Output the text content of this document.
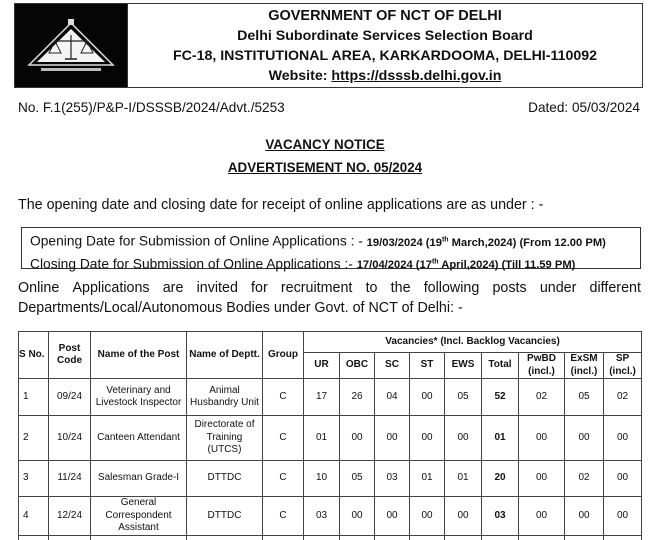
GOVERNMENT OF NCT OF DELHI
Delhi Subordinate Services Selection Board
FC-18, INSTITUTIONAL AREA, KARKARDOOMA, DELHI-110092
Website: https://dsssb.delhi.gov.in
No. F.1(255)/P&P-I/DSSSB/2024/Advt./5253	Dated: 05/03/2024
VACANCY NOTICE
ADVERTISEMENT NO. 05/2024
The opening date and closing date for receipt of online applications are as under : -
Opening Date for Submission of Online Applications : - 19/03/2024 (19th March,2024) (From 12.00 PM)
Closing Date for Submission of Online Applications :- 17/04/2024 (17th April,2024) (Till 11.59 PM)
Online Applications are invited for recruitment to the following posts under different
Departments/Local/Autonomous Bodies under Govt. of NCT of Delhi: -
S No.	Post Code	Name of the Post	Name of Deptt.	Group	Vacancies* (Incl. Backlog Vacancies)								
					UR	OBC	SC	ST	EWS	Total	PwBD (incl.)	ExSM (incl.)	SP (incl.)
1	09/24	Veterinary and Livestock Inspector	Animal Husbandry Unit	C	17	26	04	00	05	52	02	05	02
2	10/24	Canteen Attendant	Directorate of Training (UTCS)	C	01	00	00	00	00	01	00	00	00
3	11/24	Salesman Grade-I	DTTDC	C	10	05	03	01	01	20	00	02	00
4	12/24	General Correspondent Assistant	DTTDC	C	03	00	00	00	00	03	00	00	00
